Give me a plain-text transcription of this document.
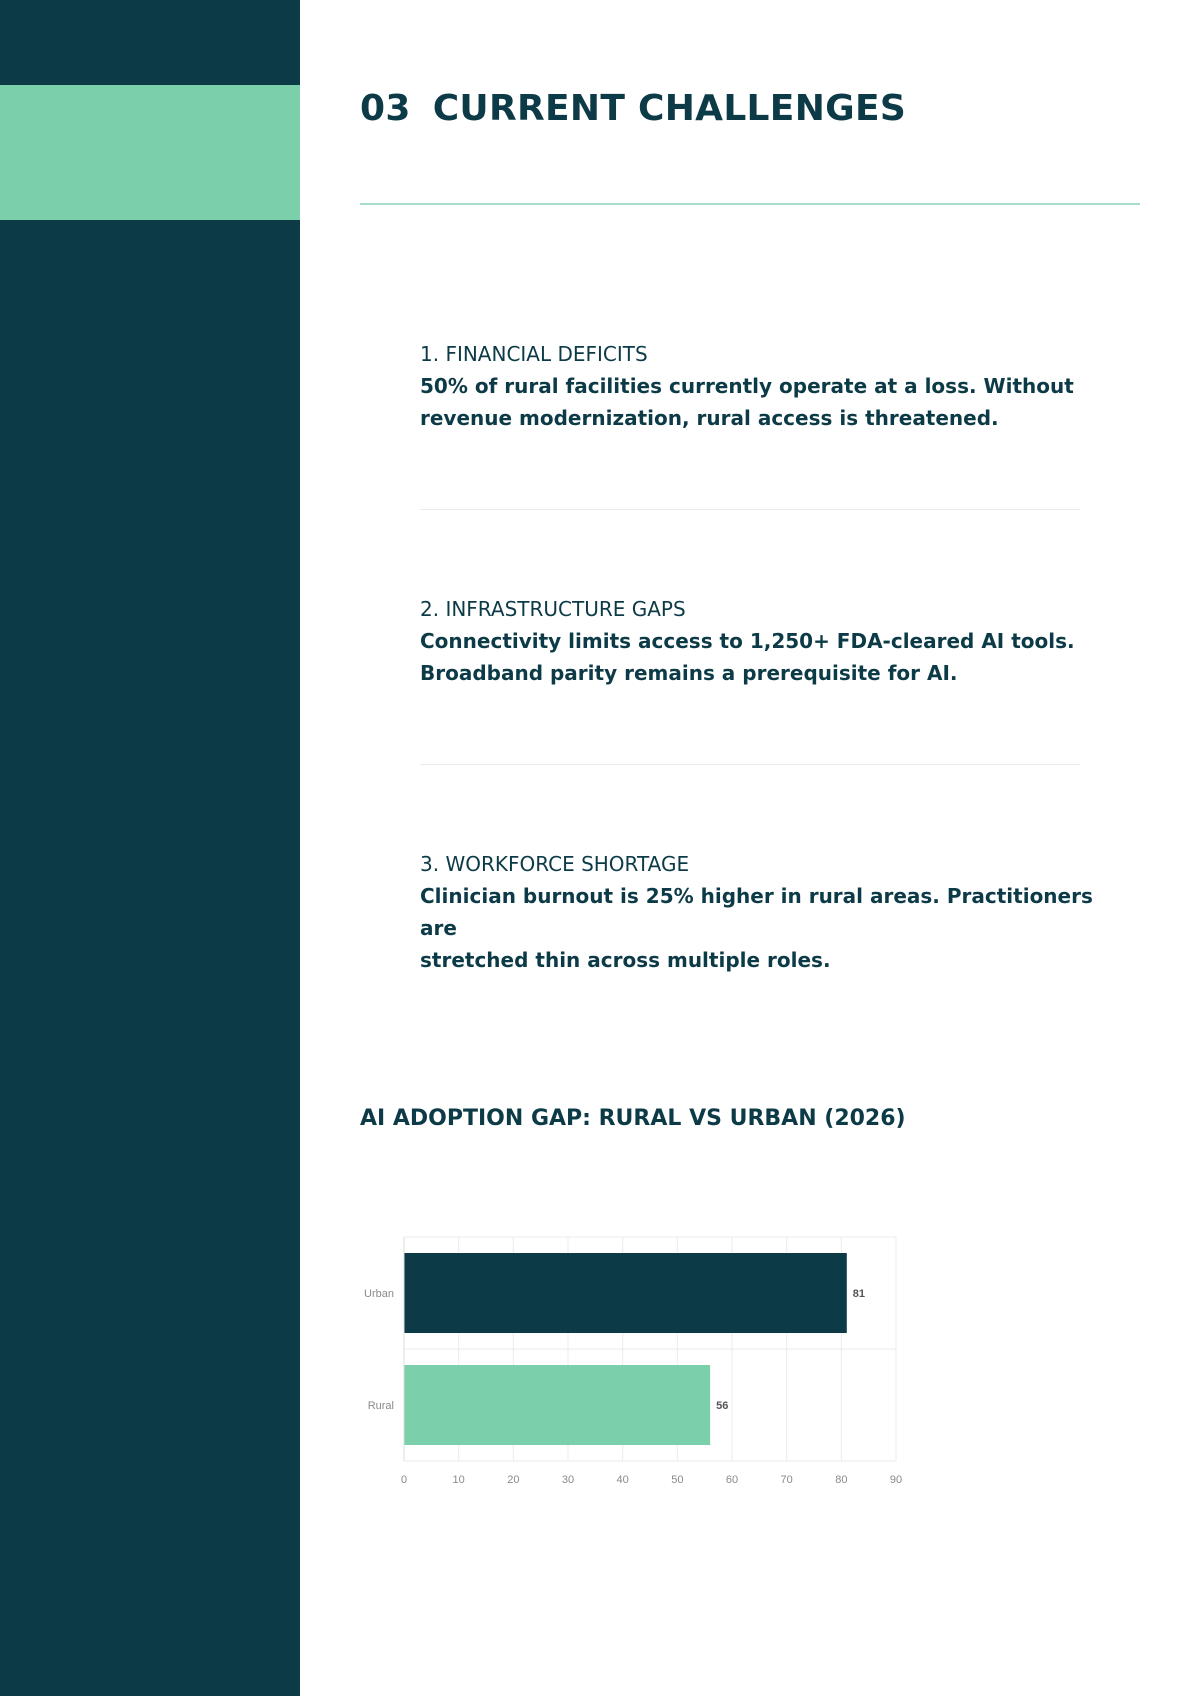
03 CURRENT CHALLENGES
1. FINANCIAL DEFICITS
50% of rural facilities currently operate at a loss. Without
revenue modernization, rural access is threatened.
2. INFRASTRUCTURE GAPS
Connectivity limits access to 1,250+ FDA-cleared AI tools.
Broadband parity remains a prerequisite for AI.
3. WORKFORCE SHORTAGE
Clinician burnout is 25% higher in rural areas. Practitioners are
stretched thin across multiple roles.
AI ADOPTION GAP: RURAL VS URBAN (2026)
0	10	20	30	40	50	60	70	80	90
Urban	81
Rural	56
